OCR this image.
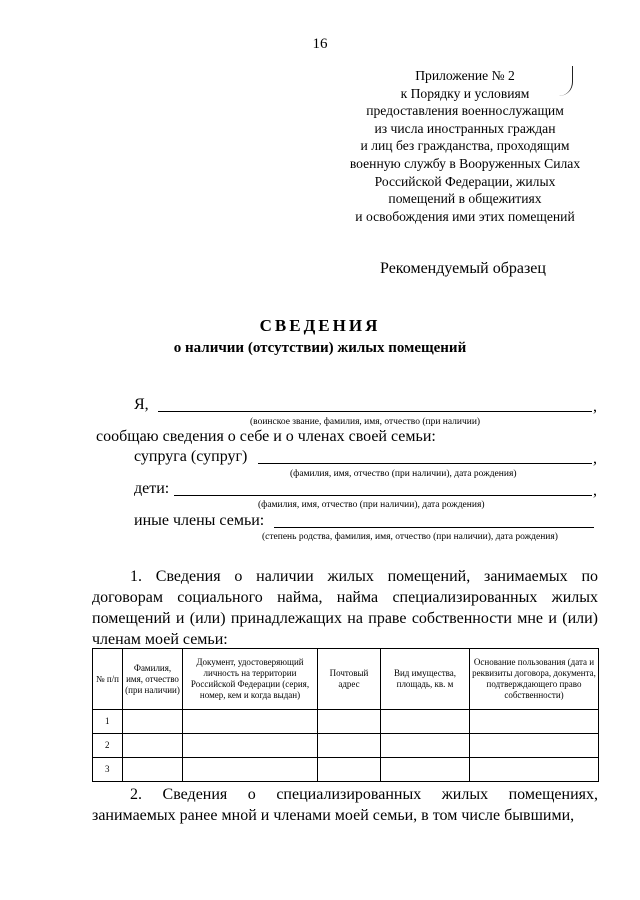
16
Приложение № 2
к Порядку и условиям
предоставления военнослужащим
из числа иностранных граждан
и лиц без гражданства, проходящим
военную службу в Вооруженных Силах
Российской Федерации, жилых
помещений в общежитиях
и освобождения ими этих помещений
Рекомендуемый образец
СВЕДЕНИЯ
о наличии (отсутствии) жилых помещений
Я,	,
(воинское звание, фамилия, имя, отчество (при наличии)
сообщаю сведения о себе и о членах своей семьи:
супруга (супруг)	,
(фамилия, имя, отчество (при наличии), дата рождения)
дети:	,
(фамилия, имя, отчество (при наличии), дата рождения)
иные члены семьи:
(степень родства, фамилия, имя, отчество (при наличии), дата рождения)
1. Сведения о наличии жилых помещений, занимаемых по договорам социального найма, найма специализированных жилых помещений и (или) принадлежащих на праве собственности мне и (или) членам моей семьи:
№ п/п	Фамилия, имя, отчество (при наличии)	Документ, удостоверяющий личность на территории Российской Федерации (серия, номер, кем и когда выдан)	Почтовый адрес	Вид имущества, площадь, кв. м	Основание пользования (дата и реквизиты договора, документа, подтверждающего право собственности)
1					
2					
3					
2. Сведения о специализированных жилых помещениях, занимаемых ранее мной и членами моей семьи, в том числе бывшими,
